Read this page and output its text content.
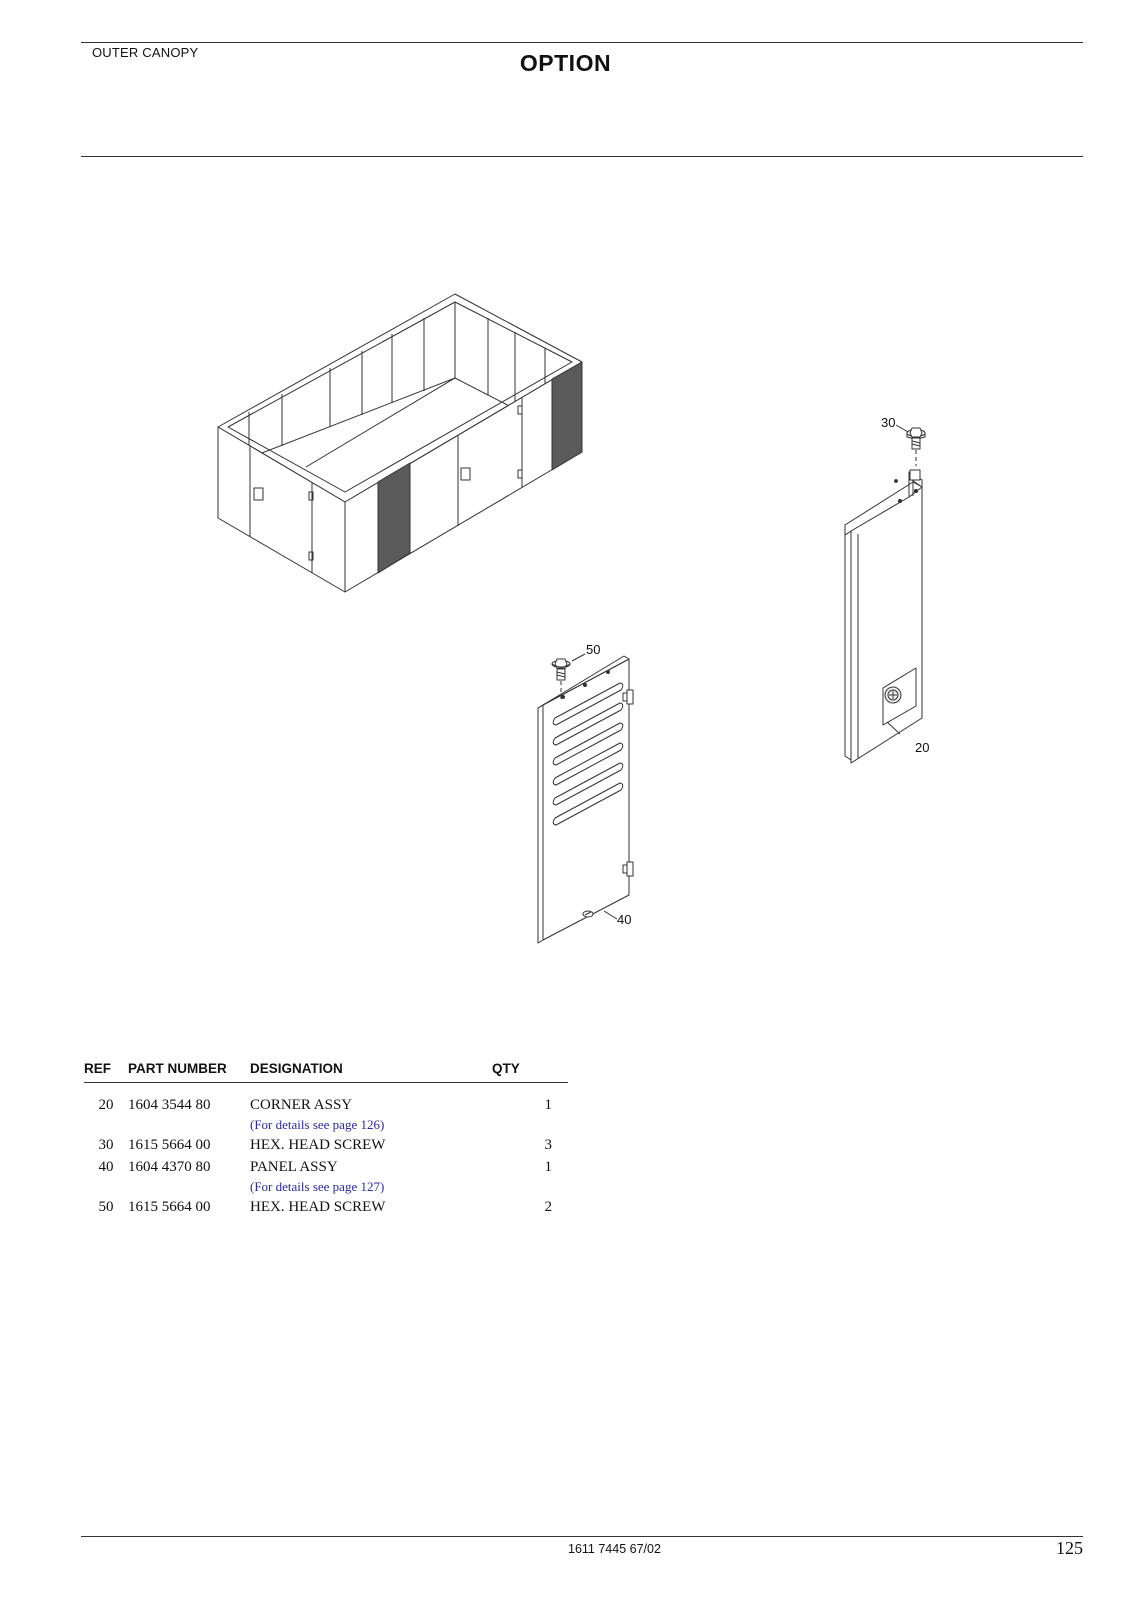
OUTER CANOPY	OPTION
30
20
50
40
REF	PART NUMBER	DESIGNATION	QTY
20	1604 3544 80	CORNER ASSY	1
		(For details see page 126)	
30	1615 5664 00	HEX. HEAD SCREW	3
40	1604 4370 80	PANEL ASSY	1
		(For details see page 127)	
50	1615 5664 00	HEX. HEAD SCREW	2
1611 7445 67/02	125
